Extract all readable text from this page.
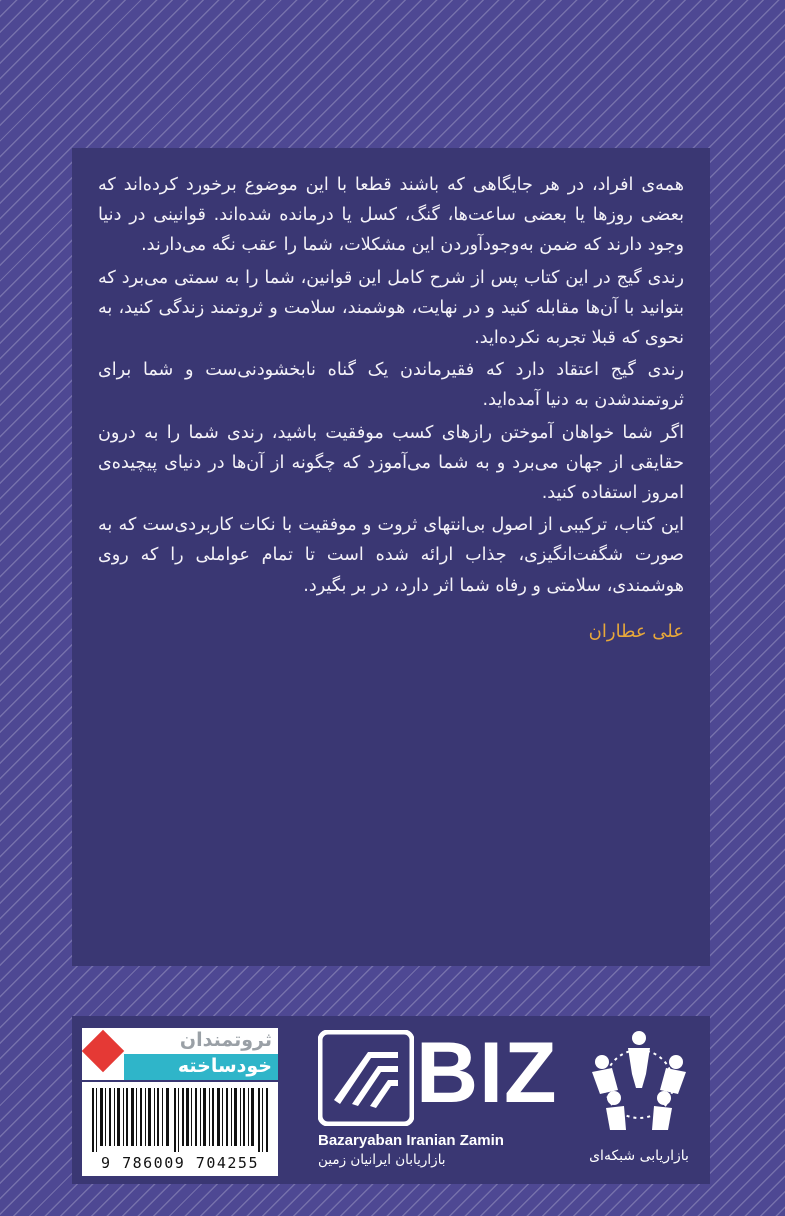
همه‌ی افراد، در هر جایگاهی که باشند قطعا با این موضوع برخورد کرده‌اند که بعضی روزها یا بعضی ساعت‌ها، گنگ، کسل یا درمانده شده‌اند. قوانینی در دنیا وجود دارند که ضمن به‌وجودآوردن این مشکلات، شما را عقب نگه می‌دارند.

رندی گیج در این کتاب پس از شرح کامل این قوانین، شما را به سمتی می‌برد که بتوانید با آن‌ها مقابله کنید و در نهایت، هوشمند، سلامت و ثروتمند زندگی کنید، به نحوی که قبلا تجربه نکرده‌اید.

رندی گیج اعتقاد دارد که فقیرماندن یک گناه نابخشودنی‌ست و شما برای ثروتمندشدن به دنیا آمده‌اید.

اگر شما خواهان آموختن رازهای کسب موفقیت باشید، رندی شما را به درون حقایقی از جهان می‌برد و به شما می‌آموزد که چگونه از آن‌ها در دنیای پیچیده‌ی امروز استفاده کنید.

این کتاب، ترکیبی از اصول بی‌انتهای ثروت و موفقیت با نکات کاربردی‌ست که به صورت شگفت‌انگیزی، جذاب ارائه شده است تا تمام عواملی را که روی هوشمندی، سلامتی و رفاه شما اثر دارد، در بر بگیرد.

علی عطاران
ثروتمندان
خودساخته
9 786009 704255
BIZ
Bazaryaban Iranian Zamin
بازاریابان ایرانیان زمین	بازاریابی شبکه‌ای
